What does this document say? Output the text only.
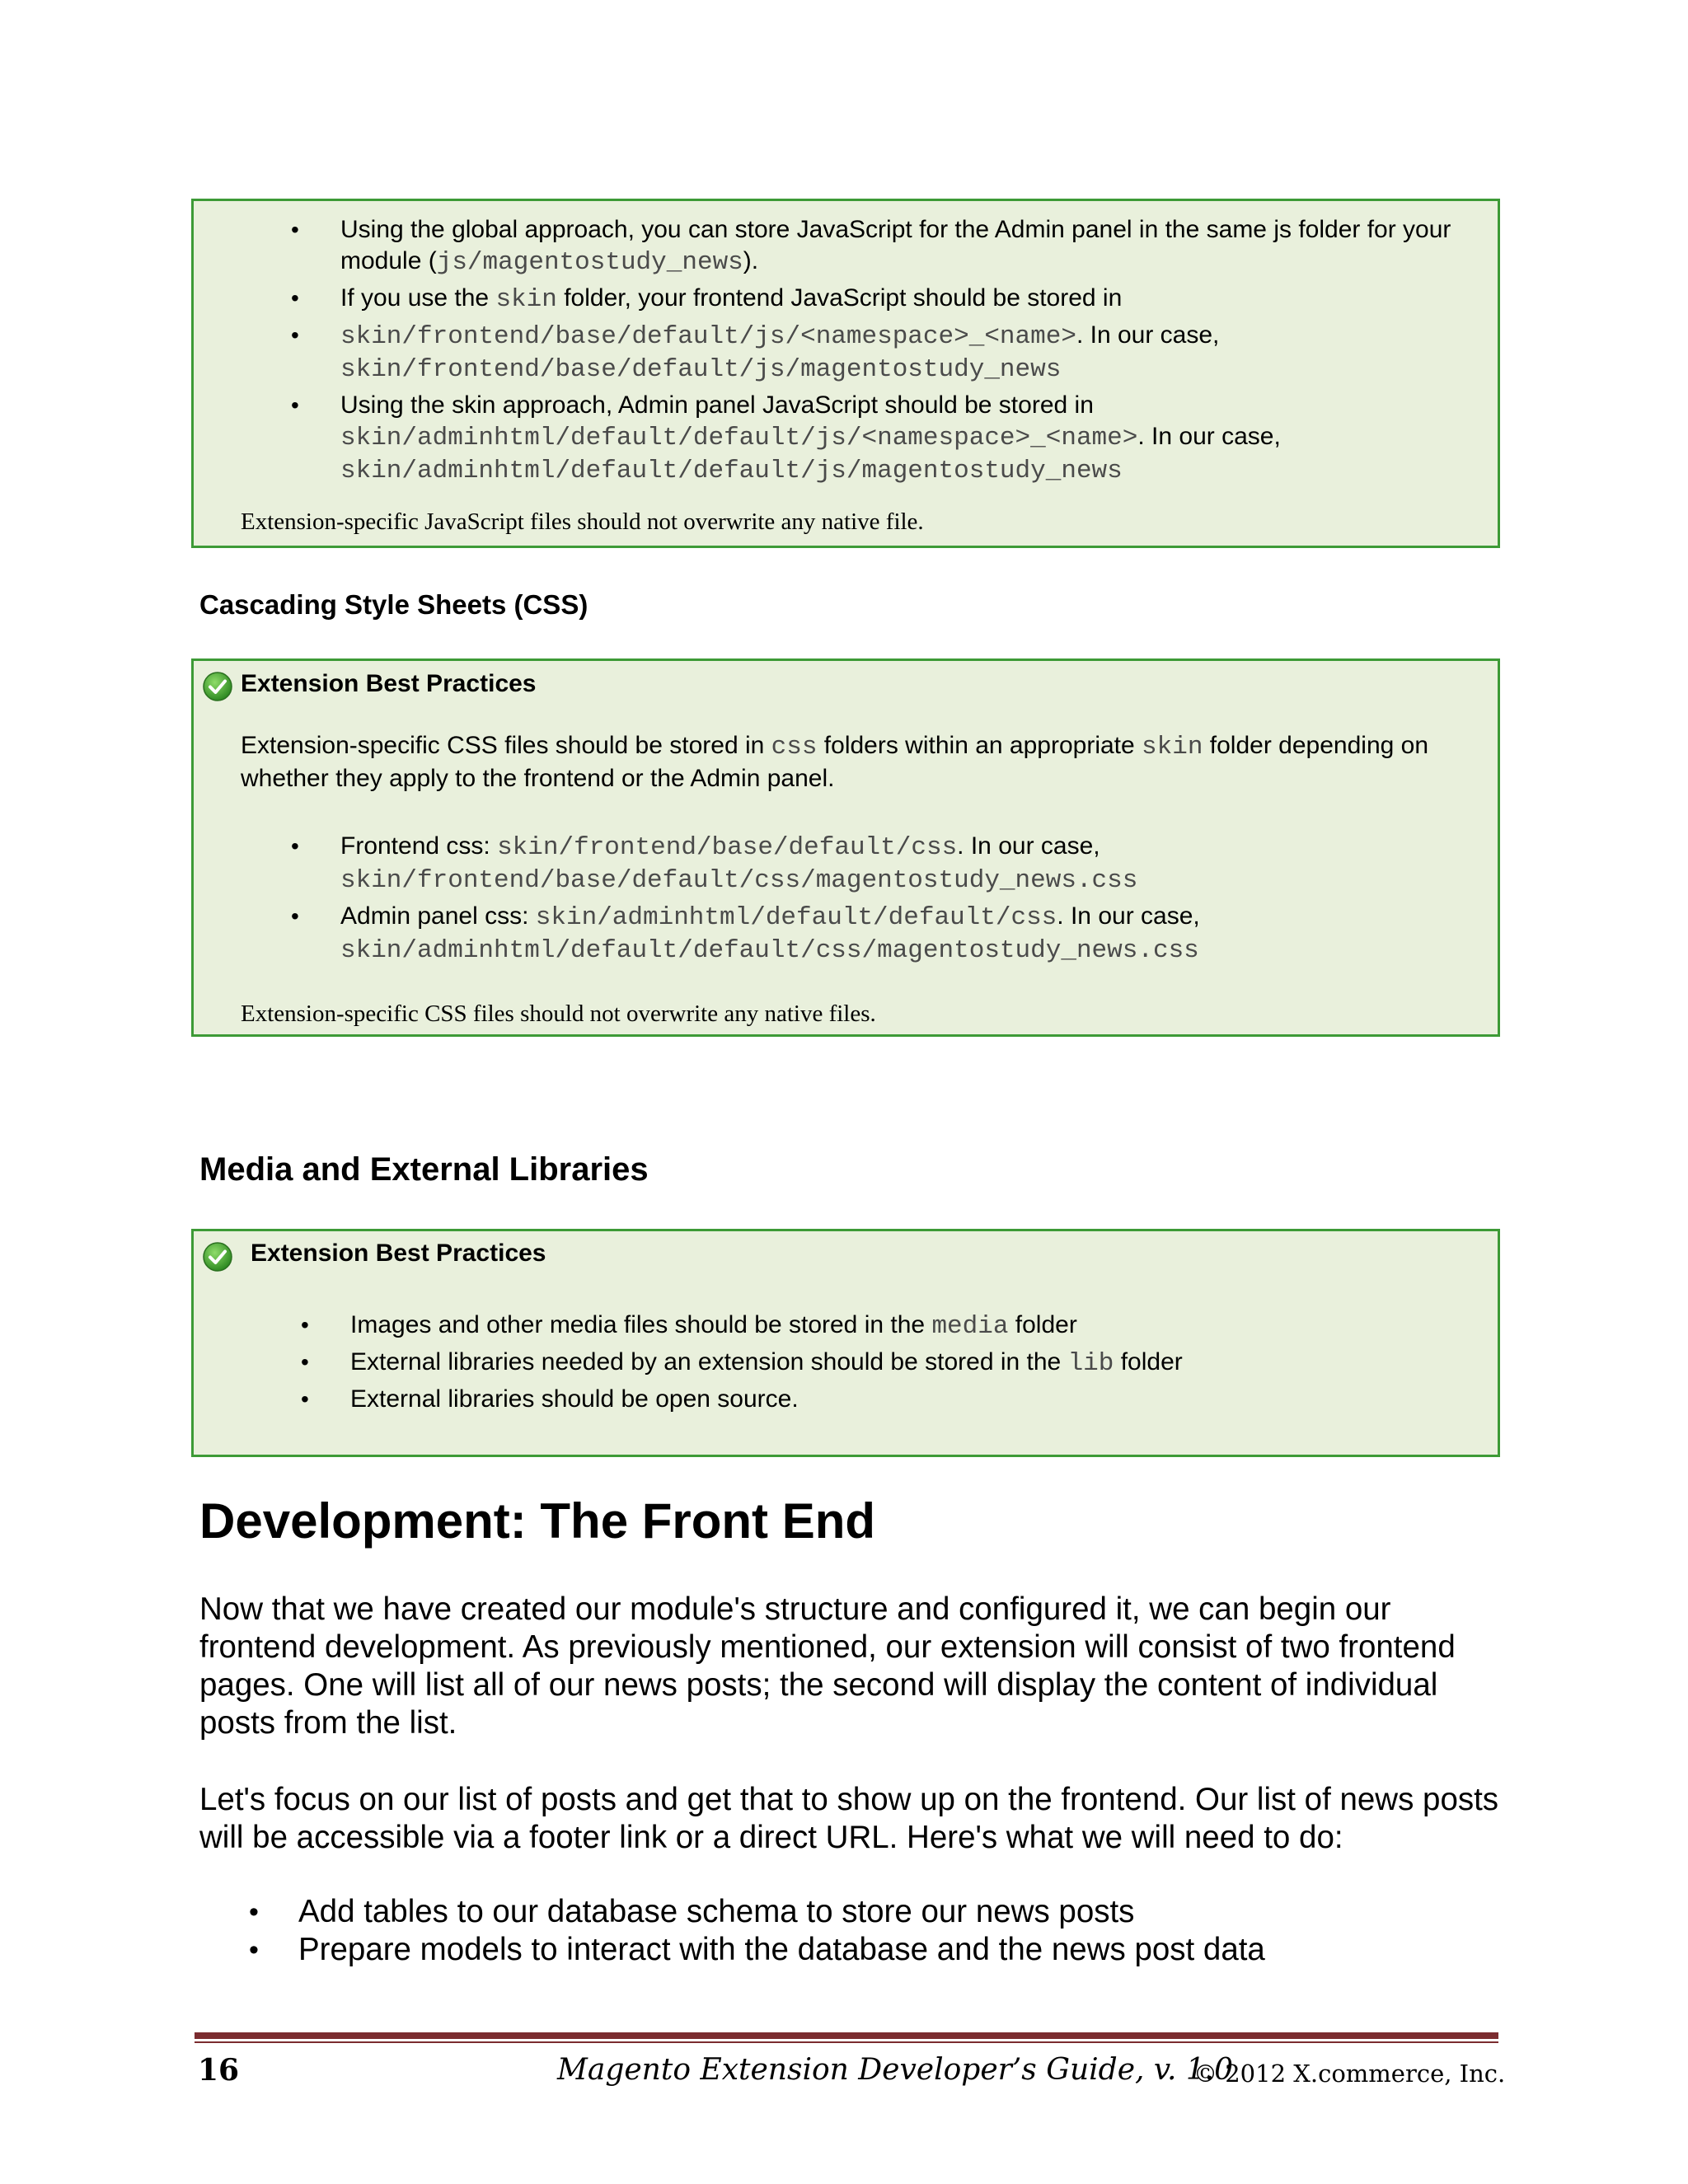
• Using the global approach, you can store JavaScript for the Admin panel in the same js folder for your module (js/magentostudy_news).
• If you use the skin folder, your frontend JavaScript should be stored in
• skin/frontend/base/default/js/<namespace>_<name>. In our case, skin/frontend/base/default/js/magentostudy_news
• Using the skin approach, Admin panel JavaScript should be stored in skin/adminhtml/default/default/js/<namespace>_<name>. In our case, skin/adminhtml/default/default/js/magentostudy_news
Extension-specific JavaScript files should not overwrite any native file.
Cascading Style Sheets (CSS)
Extension Best Practices
Extension-specific CSS files should be stored in css folders within an appropriate skin folder depending on whether they apply to the frontend or the Admin panel.
• Frontend css: skin/frontend/base/default/css. In our case, skin/frontend/base/default/css/magentostudy_news.css
• Admin panel css: skin/adminhtml/default/default/css. In our case, skin/adminhtml/default/default/css/magentostudy_news.css
Extension-specific CSS files should not overwrite any native files.
Media and External Libraries
Extension Best Practices
• Images and other media files should be stored in the media folder
• External libraries needed by an extension should be stored in the lib folder
• External libraries should be open source.
Development: The Front End
Now that we have created our module's structure and configured it, we can begin our frontend development. As previously mentioned, our extension will consist of two frontend pages. One will list all of our news posts; the second will display the content of individual posts from the list.
Let's focus on our list of posts and get that to show up on the frontend. Our list of news posts will be accessible via a footer link or a direct URL. Here's what we will need to do:
• Add tables to our database schema to store our news posts
• Prepare models to interact with the database and the news post data
16	Magento Extension Developer’s Guide, v. 1.0
© 2012 X.commerce, Inc.
